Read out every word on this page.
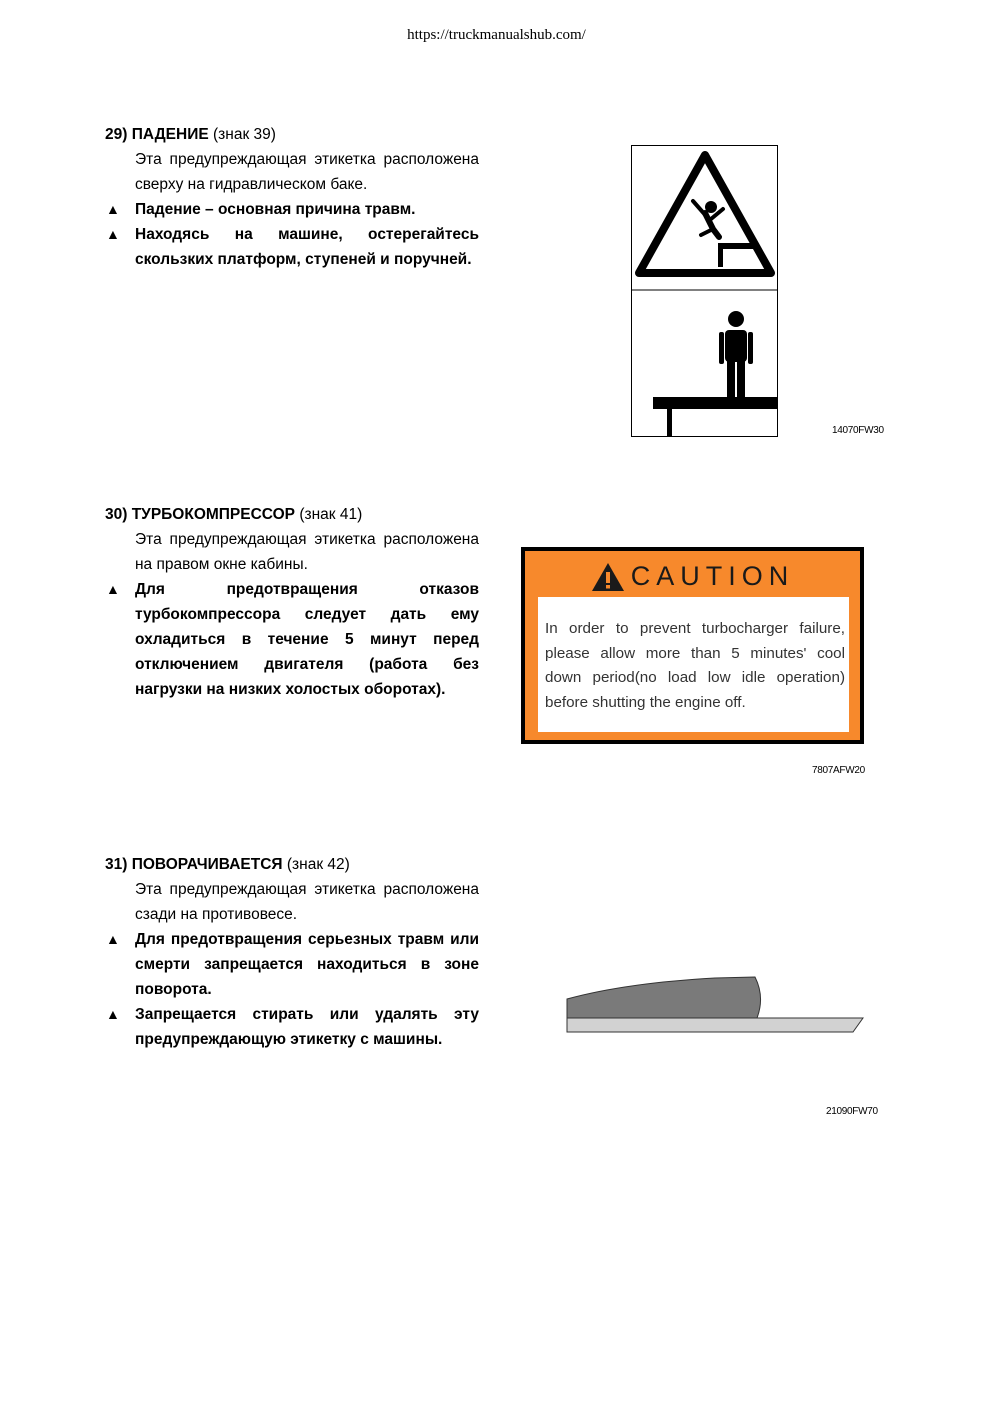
https://truckmanualshub.com/
29) ПАДЕНИЕ (знак 39)
Эта предупреждающая этикетка расположена сверху на гидравлическом баке.
▲ Падение – основная причина травм.
▲ Находясь на машине, остерегайтесь скользких платформ, ступеней и поручней.
14070FW30
30) ТУРБОКОМПРЕССОР (знак 41)
Эта предупреждающая этикетка расположена на правом окне кабины.
▲ Для предотвращения отказов турбокомпрессора следует дать ему охладиться в течение 5 минут перед отключением двигателя (работа без нагрузки на низких холостых оборотах).
CAUTION
In order to prevent turbocharger failure, please allow more than 5 minutes' cool down period(no load low idle operation) before shutting the engine off.
7807AFW20
31) ПОВОРАЧИВАЕТСЯ (знак 42)
Эта предупреждающая этикетка расположена сзади на противовесе.
▲ Для предотвращения серьезных травм или смерти запрещается находиться в зоне поворота.
▲ Запрещается стирать или удалять эту предупреждающую этикетку с машины.
21090FW70
